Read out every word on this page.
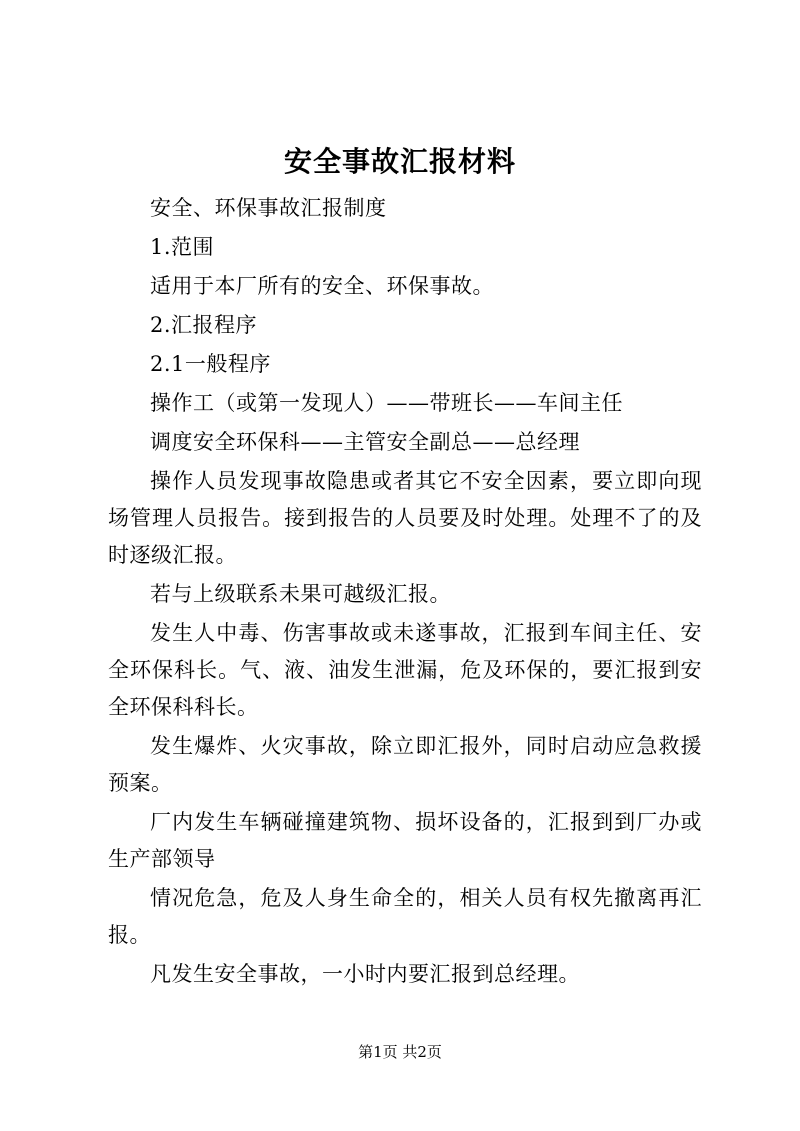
安全事故汇报材料

安全、环保事故汇报制度

1.范围

适用于本厂所有的安全、环保事故。

2.汇报程序

2.1一般程序

操作工（或第一发现人）——带班长——车间主任

调度安全环保科——主管安全副总——总经理

操作人员发现事故隐患或者其它不安全因素，要立即向现场管理人员报告。接到报告的人员要及时处理。处理不了的及时逐级汇报。

若与上级联系未果可越级汇报。

发生人中毒、伤害事故或未遂事故，汇报到车间主任、安全环保科长。气、液、油发生泄漏，危及环保的，要汇报到安全环保科科长。

发生爆炸、火灾事故，除立即汇报外，同时启动应急救援预案。

厂内发生车辆碰撞建筑物、损坏设备的，汇报到到厂办或生产部领导

情况危急，危及人身生命全的，相关人员有权先撤离再汇报。

凡发生安全事故，一小时内要汇报到总经理。

第1页 共2页
